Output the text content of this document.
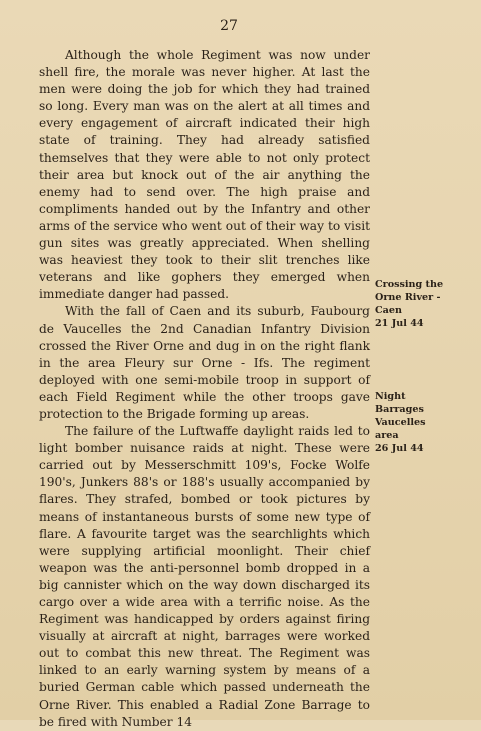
27

Although the whole Regiment was now under shell fire, the morale was never higher. At last the men were doing the job for which they had trained so long. Every man was on the alert at all times and every engagement of aircraft indicated their high state of training. They had already satisfied themselves that they were able to not only protect their area but knock out of the air anything the enemy had to send over. The high praise and compliments handed out by the Infantry and other arms of the service who went out of their way to visit gun sites was greatly appreciated. When shelling was heaviest they took to their slit trenches like veterans and like gophers they emerged when immediate danger had passed.

With the fall of Caen and its suburb, Faubourg de Vaucelles the 2nd Canadian Infantry Division crossed the River Orne and dug in on the right flank in the area Fleury sur Orne - Ifs. The regiment deployed with one semi-mobile troop in support of each Field Regiment while the other troops gave protection to the Brigade forming up areas.

The failure of the Luftwaffe daylight raids led to light bomber nuisance raids at night. These were carried out by Messerschmitt 109's, Focke Wolfe 190's, Junkers 88's or 188's usually accompanied by flares. They strafed, bombed or took pictures by means of instantaneous bursts of some new type of flare. A favourite target was the searchlights which were supplying artificial moonlight. Their chief weapon was the anti-personnel bomb dropped in a big cannister which on the way down discharged its cargo over a wide area with a terrific noise. As the Regiment was handicapped by orders against firing visually at aircraft at night, barrages were worked out to combat this new threat. The Regiment was linked to an early warning system by means of a buried German cable which passed underneath the Orne River. This enabled a Radial Zone Barrage to be fired with Number 14

Crossing the
Orne River -
Caen
21 Jul 44
Night
Barrages
Vaucelles
area
26 Jul 44
